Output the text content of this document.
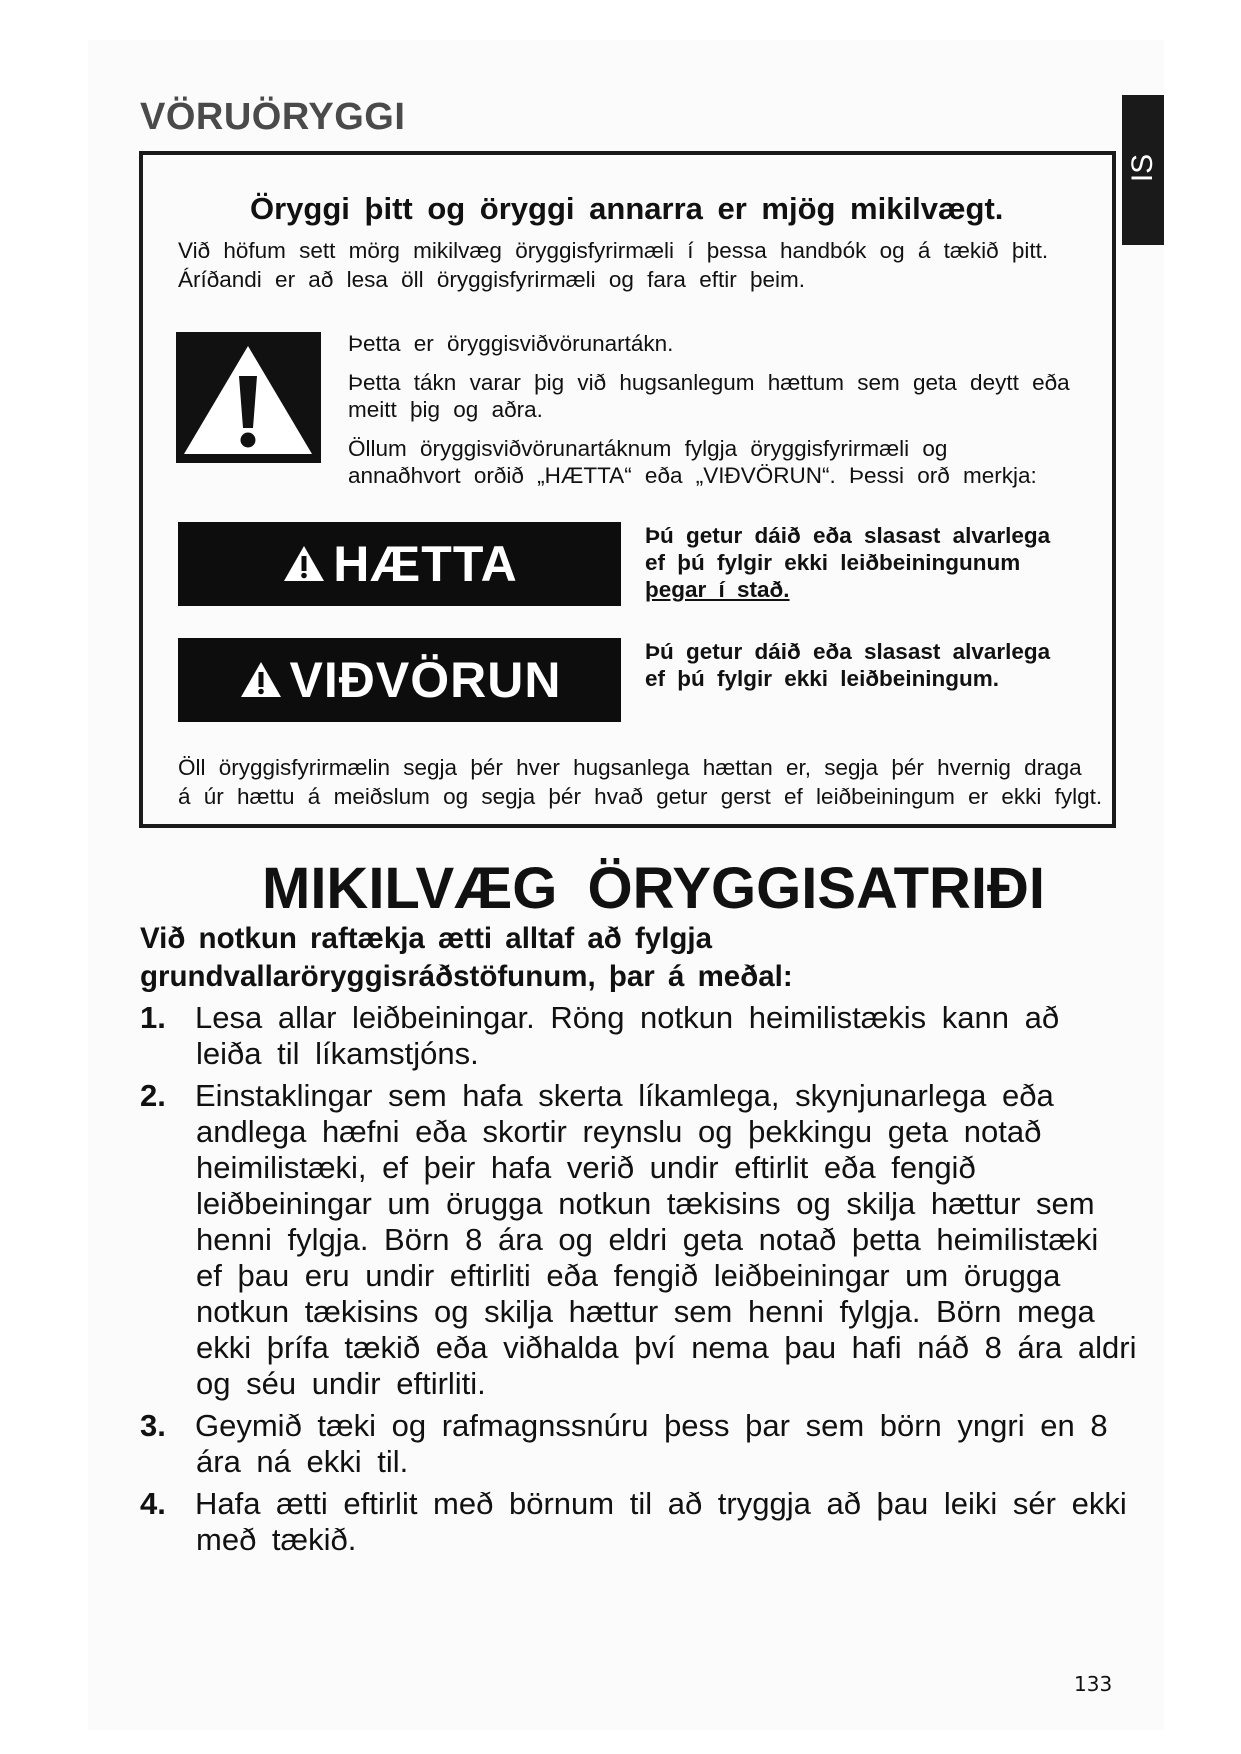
VÖRUÖRYGGI
IS
Öryggi þitt og öryggi annarra er mjög mikilvægt.

Við höfum sett mörg mikilvæg öryggisfyrirmæli í þessa handbók og á tækið þitt.

Áríðandi er að lesa öll öryggisfyrirmæli og fara eftir þeim.

Þetta er öryggisviðvörunartákn.

Þetta tákn varar þig við hugsanlegum hættum sem geta deytt eða
meitt þig og aðra.

Öllum öryggisviðvörunartáknum fylgja öryggisfyrirmæli og
annaðhvort orðið „HÆTTA“ eða „VIÐVÖRUN“. Þessi orð merkja:

HÆTTA

Þú getur dáið eða slasast alvarlega

ef þú fylgir ekki leiðbeiningunum

þegar í stað.

VIÐVÖRUN

Þú getur dáið eða slasast alvarlega

ef þú fylgir ekki leiðbeiningum.

Öll öryggisfyrirmælin segja þér hver hugsanlega hættan er, segja þér hvernig draga

á úr hættu á meiðslum og segja þér hvað getur gerst ef leiðbeiningum er ekki fylgt.

MIKILVÆG ÖRYGGISATRIÐI

Við notkun raftækja ætti alltaf að fylgja

grundvallaröryggisráðstöfunum, þar á meðal:

1. Lesa allar leiðbeiningar. Röng notkun heimilistækis kann að
leiða til líkamstjóns.
2. Einstaklingar sem hafa skerta líkamlega, skynjunarlega eða
andlega hæfni eða skortir reynslu og þekkingu geta notað
heimilistæki, ef þeir hafa verið undir eftirlit eða fengið
leiðbeiningar um örugga notkun tækisins og skilja hættur sem
henni fylgja. Börn 8 ára og eldri geta notað þetta heimilistæki
ef þau eru undir eftirliti eða fengið leiðbeiningar um örugga
notkun tækisins og skilja hættur sem henni fylgja. Börn mega
ekki þrífa tækið eða viðhalda því nema þau hafi náð 8 ára aldri
og séu undir eftirliti.
3. Geymið tæki og rafmagnssnúru þess þar sem börn yngri en 8
ára ná ekki til.
4. Hafa ætti eftirlit með börnum til að tryggja að þau leiki sér ekki
með tækið.
133
